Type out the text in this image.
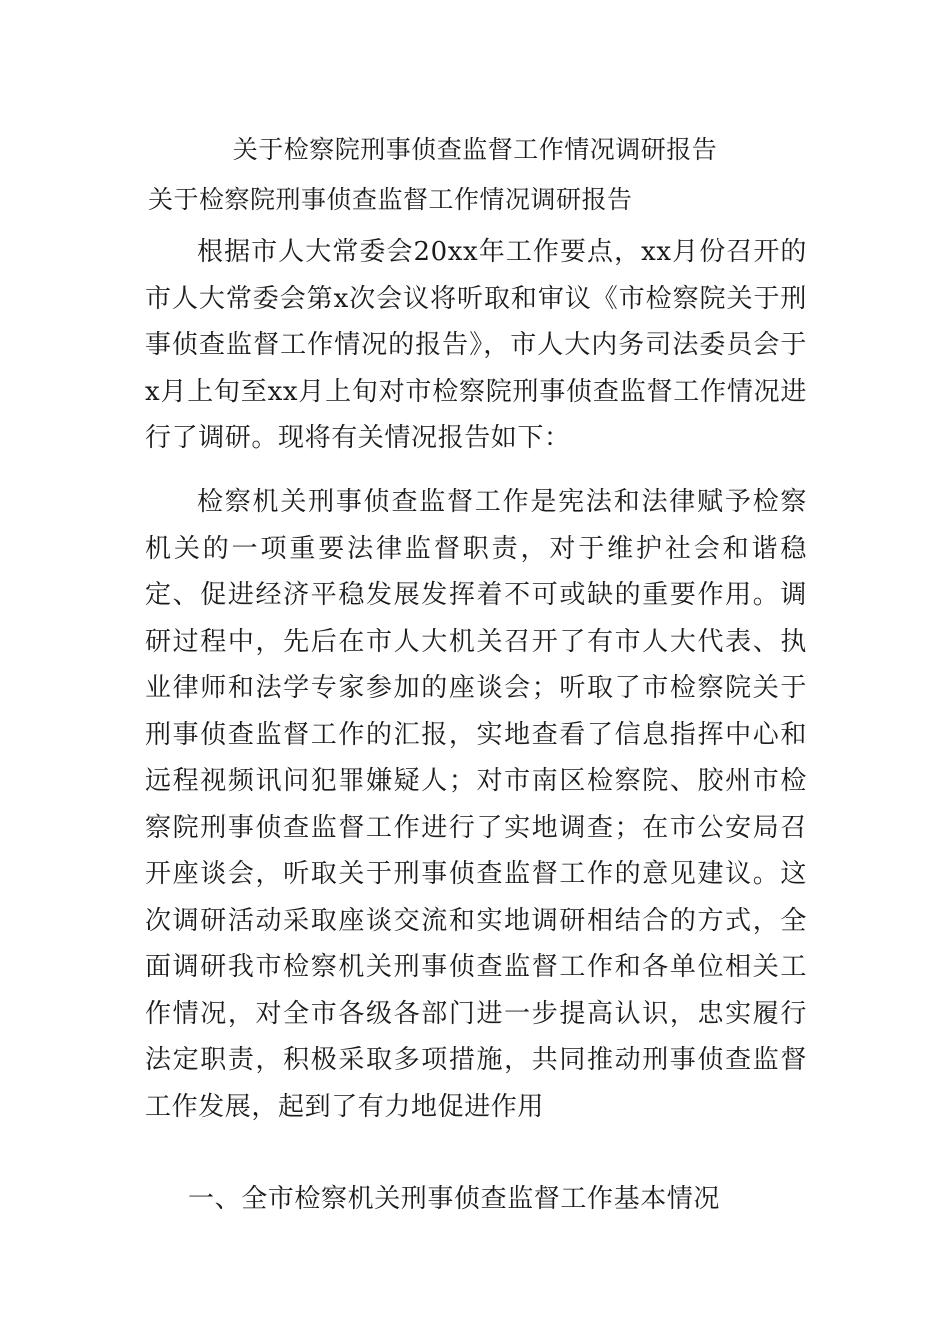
关于检察院刑事侦查监督工作情况调研报告
关于检察院刑事侦查监督工作情况调研报告

根据市人大常委会20xx年工作要点，xx月份召开的市人大常委会第x次会议将听取和审议《市检察院关于刑事侦查监督工作情况的报告》，市人大内务司法委员会于x月上旬至xx月上旬对市检察院刑事侦查监督工作情况进行了调研。现将有关情况报告如下：

检察机关刑事侦查监督工作是宪法和法律赋予检察机关的一项重要法律监督职责，对于维护社会和谐稳定、促进经济平稳发展发挥着不可或缺的重要作用。调研过程中，先后在市人大机关召开了有市人大代表、执业律师和法学专家参加的座谈会；听取了市检察院关于刑事侦查监督工作的汇报，实地查看了信息指挥中心和远程视频讯问犯罪嫌疑人；对市南区检察院、胶州市检察院刑事侦查监督工作进行了实地调查；在市公安局召开座谈会，听取关于刑事侦查监督工作的意见建议。这次调研活动采取座谈交流和实地调研相结合的方式，全面调研我市检察机关刑事侦查监督工作和各单位相关工作情况，对全市各级各部门进一步提高认识，忠实履行法定职责，积极采取多项措施，共同推动刑事侦查监督工作发展，起到了有力地促进作用

一、全市检察机关刑事侦查监督工作基本情况
